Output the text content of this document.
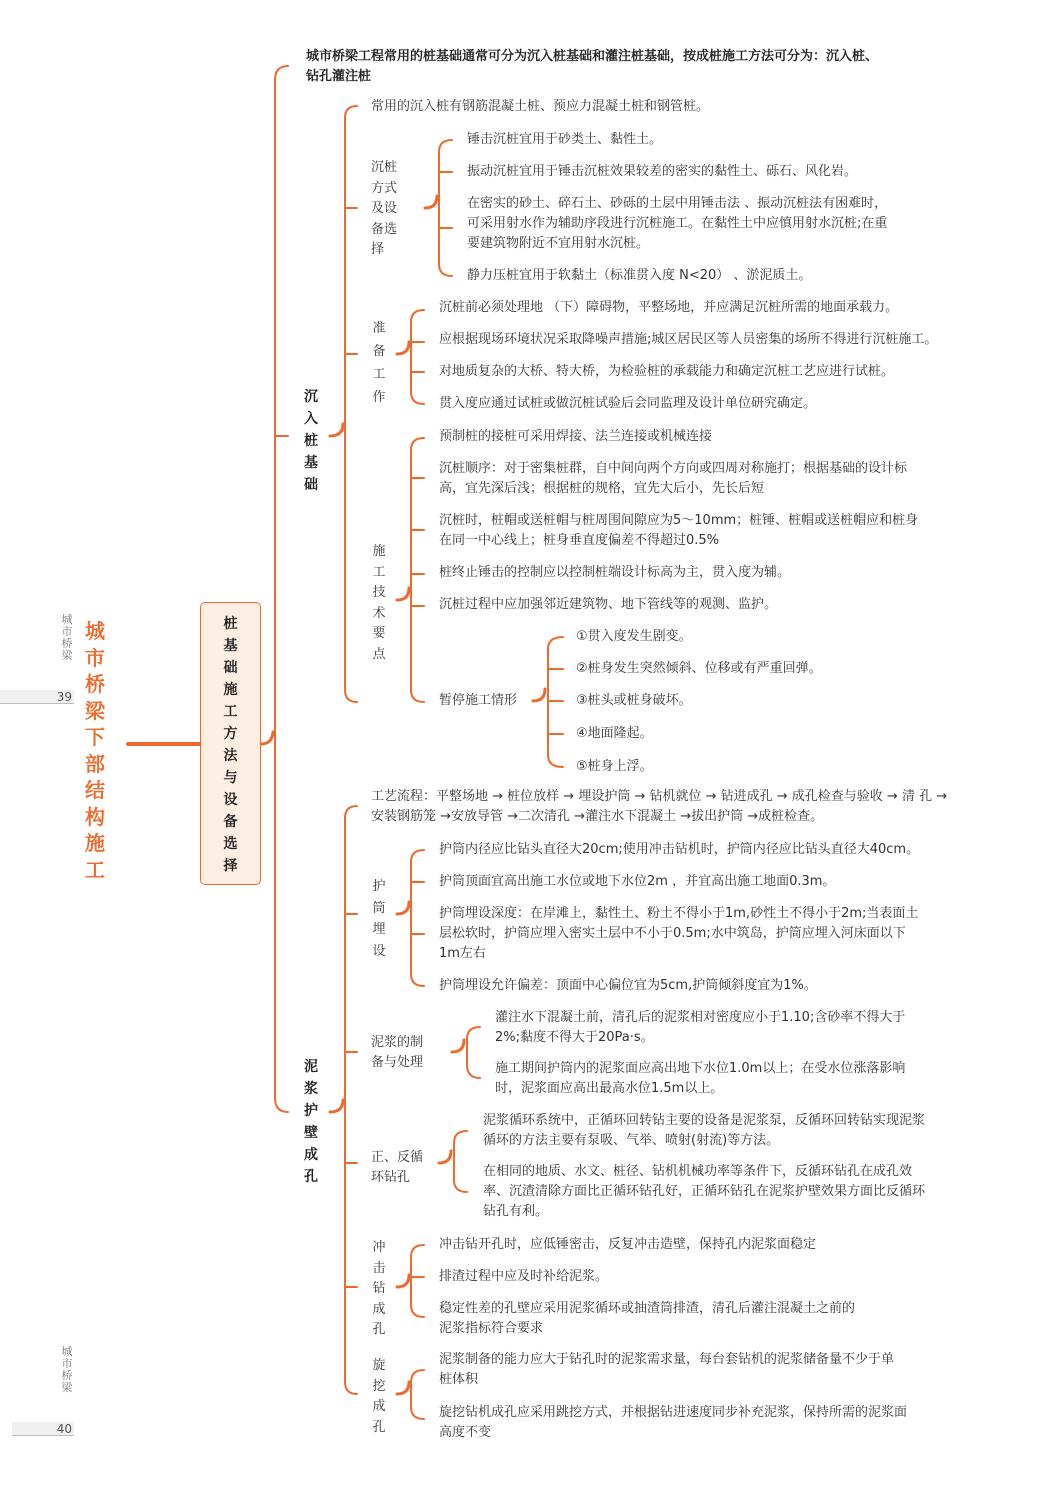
城市桥梁
39
城市桥梁
40
城市桥梁下部结构施工
桩基础施工方法与设备选择
城市桥梁工程常用的桩基础通常可分为沉入桩基础和灌注桩基础，按成桩施工方法可分为：沉入桩、钻孔灌注桩
沉入桩基础
常用的沉入桩有钢筋混凝土桩、预应力混凝土桩和钢管桩。
沉桩方式及设备选择
锤击沉桩宜用于砂类土、黏性土。
振动沉桩宜用于锤击沉桩效果较差的密实的黏性土、砾石、风化岩。
在密实的砂土、碎石土、砂砾的土层中用锤击法 、振动沉桩法有困难时，可采用射水作为辅助序段进行沉桩施工。在黏性土中应慎用射水沉桩;在重要建筑物附近不宜用射水沉桩。
静力压桩宜用于软黏土（标准贯入度 N<20） 、淤泥质土。
准备工作
沉桩前必须处理地 （下）障碍物，平整场地，并应满足沉桩所需的地面承载力。
应根据现场环境状况采取降噪声措施;城区居民区等人员密集的场所不得进行沉桩施工。
对地质复杂的大桥、特大桥，为检验桩的承载能力和确定沉桩工艺应进行试桩。
贯入度应通过试桩或做沉桩试验后会同监理及设计单位研究确定。
施工技术要点
预制桩的接桩可采用焊接、法兰连接或机械连接
沉桩顺序：对于密集桩群，自中间向两个方向或四周对称施打；根据基础的设计标高，宜先深后浅；根据桩的规格，宜先大后小，先长后短
沉桩时，桩帽或送桩帽与桩周围间隙应为5～10mm；桩锤、桩帽或送桩帽应和桩身在同一中心线上；桩身垂直度偏差不得超过0.5%
桩终止锤击的控制应以控制桩端设计标高为主，贯入度为辅。
沉桩过程中应加强邻近建筑物、地下管线等的观测、监护。
暂停施工情形
①贯入度发生剧变。
②桩身发生突然倾斜、位移或有严重回弹。
③桩头或桩身破坏。
④地面隆起。
⑤桩身上浮。
泥浆护壁成孔
工艺流程：平整场地 → 桩位放样 → 埋设护筒 → 钻机就位 → 钻进成孔 → 成孔检查与验收 → 清 孔 →安装钢筋笼 →安放导管 →二次清孔 →灌注水下混凝土 →拔出护筒 →成桩检查。
护筒埋设
护筒内径应比钻头直径大20cm;使用冲击钻机时，护筒内径应比钻头直径大40cm。
护筒顶面宜高出施工水位或地下水位2m ，并宜高出施工地面0.3m。
护筒埋设深度：在岸滩上，黏性土、粉土不得小于1m,砂性土不得小于2m;当表面土层松软时，护筒应埋入密实土层中不小于0.5m;水中筑岛，护筒应埋入河床面以下1m左右
护筒埋设允许偏差：顶面中心偏位宜为5cm,护筒倾斜度宜为1%。
泥浆的制备与处理
灌注水下混凝土前，清孔后的泥浆相对密度应小于1.10;含砂率不得大于2%;黏度不得大于20Pa·s。
施工期间护筒内的泥浆面应高出地下水位1.0m以上；在受水位涨落影响时，泥浆面应高出最高水位1.5m以上。
正、反循环钻孔
泥浆循环系统中，正循环回转钻主要的设备是泥浆泵，反循环回转钻实现泥浆循环的方法主要有泵吸、气举、喷射(射流)等方法。
在相同的地质、水文、桩径、钻机机械功率等条件下，反循环钻孔在成孔效率、沉渣清除方面比正循环钻孔好，正循环钻孔在泥浆护壁效果方面比反循环钻孔有利。
冲击钻成孔
冲击钻开孔时，应低锤密击，反复冲击造壁，保持孔内泥浆面稳定
排渣过程中应及时补给泥浆。
稳定性差的孔壁应采用泥浆循环或抽渣筒排渣，清孔后灌注混凝土之前的泥浆指标符合要求
旋挖成孔
泥浆制备的能力应大于钻孔时的泥浆需求量，每台套钻机的泥浆储备量不少于单桩体积
旋挖钻机成孔应采用跳挖方式，并根据钻进速度同步补充泥浆，保持所需的泥浆面高度不变
